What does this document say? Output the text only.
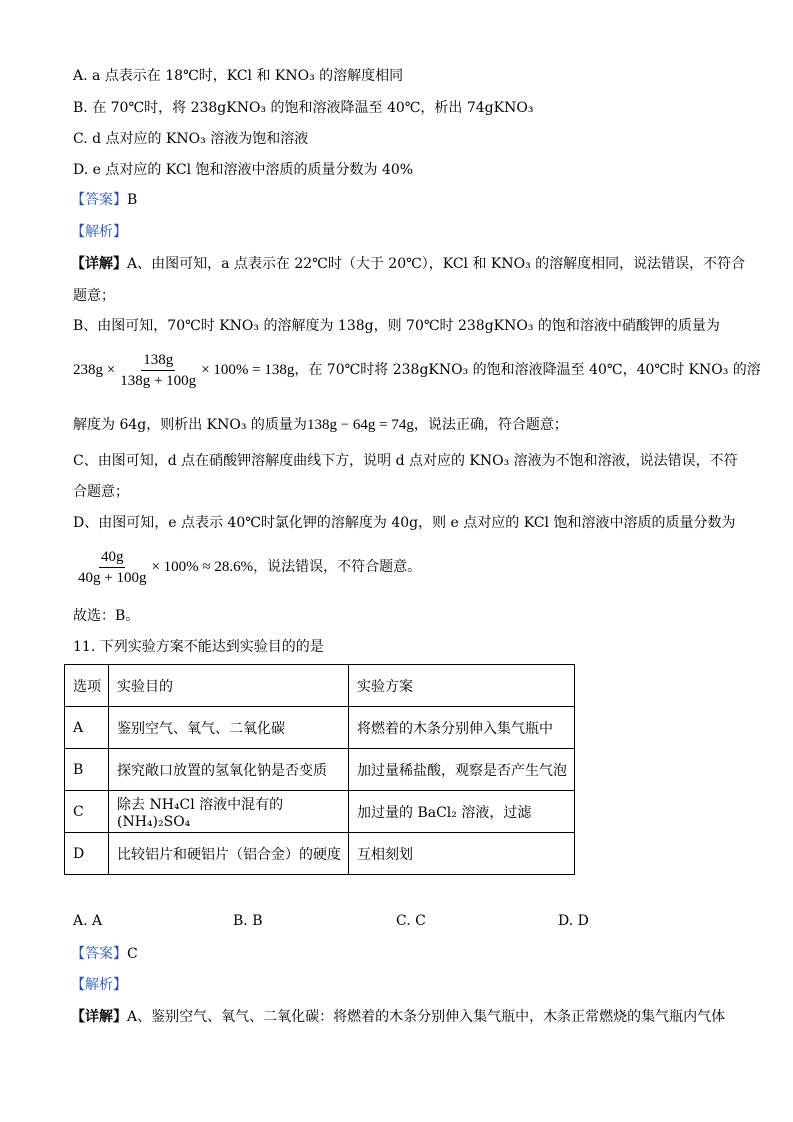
A. a 点表示在 18℃时，KCl 和 KNO₃ 的溶解度相同
B. 在 70℃时，将 238gKNO₃ 的饱和溶液降温至 40℃，析出 74gKNO₃
C. d 点对应的 KNO₃ 溶液为饱和溶液
D. e 点对应的 KCl 饱和溶液中溶质的质量分数为 40%
【答案】B
【解析】
【详解】A、由图可知，a 点表示在 22℃时（大于 20℃），KCl 和 KNO₃ 的溶解度相同，说法错误，不符合
题意；
B、由图可知，70℃时 KNO₃ 的溶解度为 138g，则 70℃时 238gKNO₃ 的饱和溶液中硝酸钾的质量为
$238g \times \frac{138g}{138g + 100g} \times 100\% = 138g$，在 70℃时将 238gKNO₃ 的饱和溶液降温至 40℃，40℃时 KNO₃ 的溶
解度为 64g，则析出 KNO₃ 的质量为138g − 64g = 74g，说法正确，符合题意；
C、由图可知，d 点在硝酸钾溶解度曲线下方，说明 d 点对应的 KNO₃ 溶液为不饱和溶液，说法错误，不符
合题意；
D、由图可知，e 点表示 40℃时氯化钾的溶解度为 40g，则 e 点对应的 KCl 饱和溶液中溶质的质量分数为
$\frac{40g}{40g + 100g} \times 100\% \approx 28.6\%$，说法错误，不符合题意。
故选：B。
11. 下列实验方案不能达到实验目的的是
选项	实验目的	实验方案
A	鉴别空气、氧气、二氧化碳	将燃着的木条分别伸入集气瓶中
B	探究敞口放置的氢氧化钠是否变质	加过量稀盐酸，观察是否产生气泡
C	除去 NH₄Cl 溶液中混有的(NH₄)₂SO₄	加过量的 BaCl₂ 溶液，过滤
D	比较铝片和硬铝片（铝合金）的硬度	互相刻划
A. A	B. B	C. C	D. D
【答案】C
【解析】
【详解】A、鉴别空气、氧气、二氧化碳：将燃着的木条分别伸入集气瓶中，木条正常燃烧的集气瓶内气体
